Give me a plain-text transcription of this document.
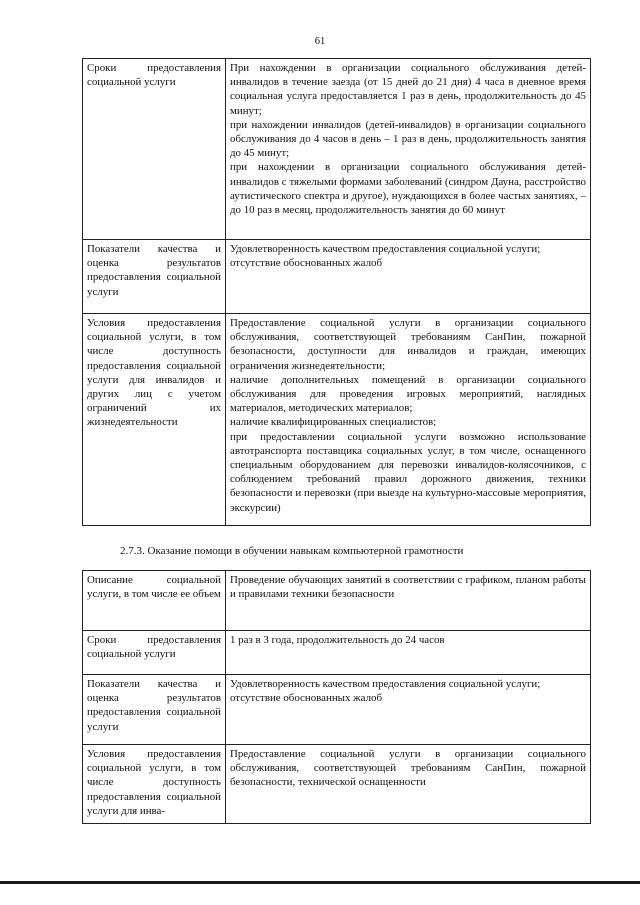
61
Сроки предоставления социальной услуги	При нахождении в организации социального обслуживания детей-инвалидов в течение заезда (от 15 дней до 21 дня) 4 часа в дневное время социальная услуга предоставляется 1 раз в день, продолжительность до 45 минут;

при нахождении инвалидов (детей-инвалидов) в организации социального обслуживания до 4 часов в день – 1 раз в день, продолжительность занятия до 45 минут;

при нахождении в организации социального обслуживания детей-инвалидов с тяжелыми формами заболеваний (синдром Дауна, расстройство аутистического спектра и другое), нуждающихся в более частых занятиях, – до 10 раз в месяц, продолжительность занятия до 60 минут

Показатели качества и оценка результатов предоставления социальной услуги	Удовлетворенность качеством предоставления социальной услуги;

отсутствие обоснованных жалоб

Условия предоставления социальной услуги, в том числе доступность предоставления социальной услуги для инвалидов и других лиц с учетом ограничений их жизнедеятельности	Предоставление социальной услуги в организации социального обслуживания, соответствующей требованиям СанПин, пожарной безопасности, доступности для инвалидов и граждан, имеющих ограничения жизнедеятельности;

наличие дополнительных помещений в организации социального обслуживания для проведения игровых мероприятий, наглядных материалов, методических материалов;

наличие квалифицированных специалистов;

при предоставлении социальной услуги возможно использование автотранспорта поставщика социальных услуг, в том числе, оснащенного специальным оборудованием для перевозки инвалидов-колясочников, с соблюдением требований правил дорожного движения, техники безопасности и перевозки (при выезде на культурно-массовые мероприятия, экскурсии)

2.7.3. Оказание помощи в обучении навыкам компьютерной грамотности
Описание социальной услуги, в том числе ее объем	Проведение обучающих занятий в соответствии с графиком, планом работы и правилами техники безопасности

Сроки предоставления социальной услуги	1 раз в 3 года, продолжительность до 24 часов

Показатели качества и оценка результатов предоставления социальной услуги	Удовлетворенность качеством предоставления социальной услуги;

отсутствие обоснованных жалоб

Условия предоставления социальной услуги, в том числе доступность предоставления социальной услуги для инва-	Предоставление социальной услуги в организации социального обслуживания, соответствующей требованиям СанПин, пожарной безопасности, технической оснащенности
